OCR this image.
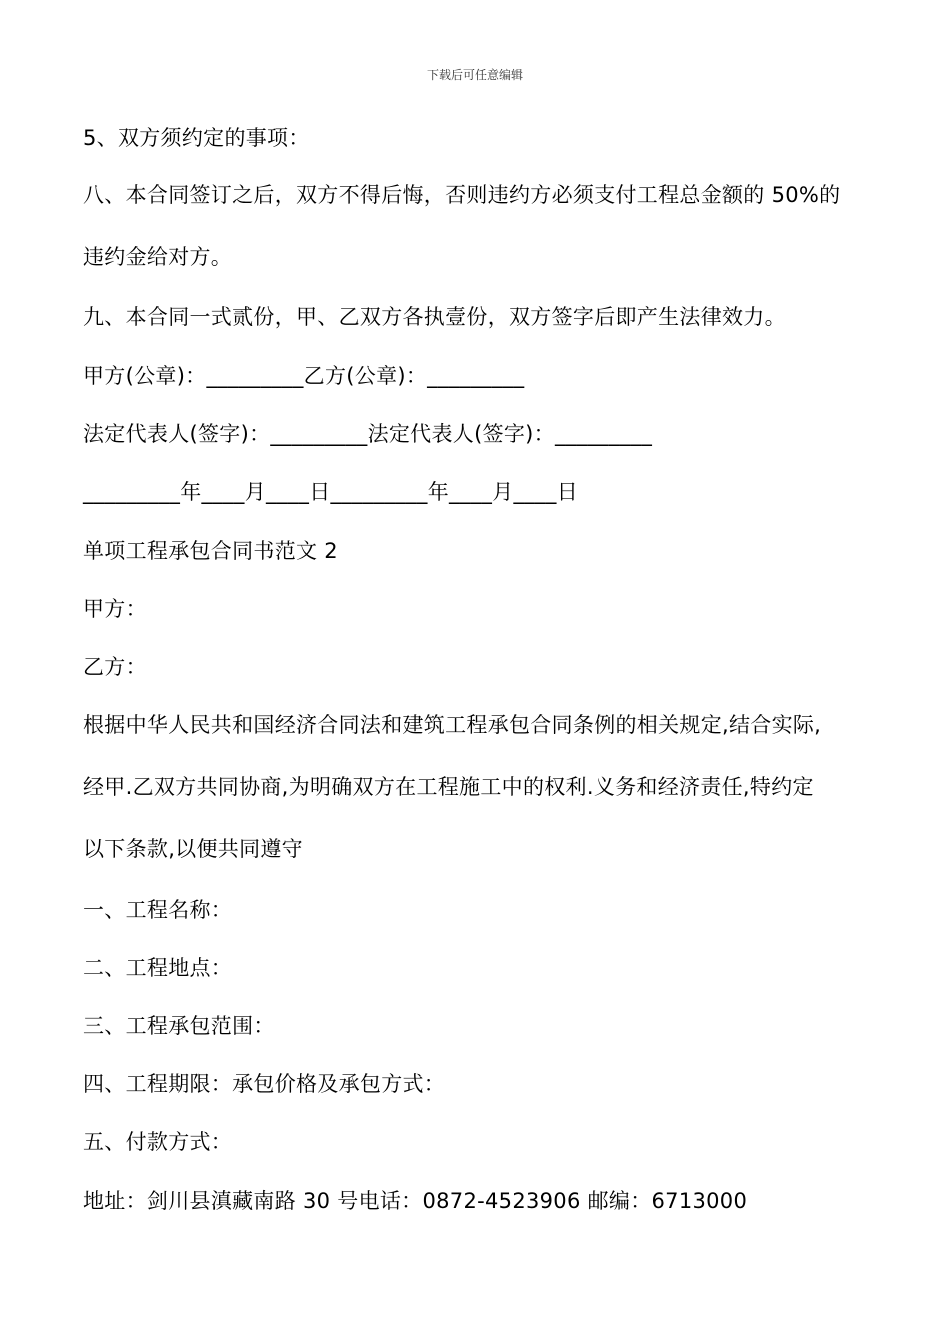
下载后可任意编辑
5、双方须约定的事项：
八、本合同签订之后，双方不得后悔，否则违约方必须支付工程总金额的 50%的
违约金给对方。
九、本合同一式贰份，甲、乙双方各执壹份，双方签字后即产生法律效力。
甲方(公章)：_________乙方(公章)：_________
法定代表人(签字)：_________法定代表人(签字)：_________
_________年____月____日_________年____月____日
单项工程承包合同书范文 2
甲方：
乙方：
根据中华人民共和国经济合同法和建筑工程承包合同条例的相关规定,结合实际,
经甲.乙双方共同协商,为明确双方在工程施工中的权利.义务和经济责任,特约定
以下条款,以便共同遵守
一、工程名称：
二、工程地点：
三、工程承包范围：
四、工程期限：承包价格及承包方式：
五、付款方式：
地址：剑川县滇藏南路 30 号电话：0872-4523906 邮编：6713000
